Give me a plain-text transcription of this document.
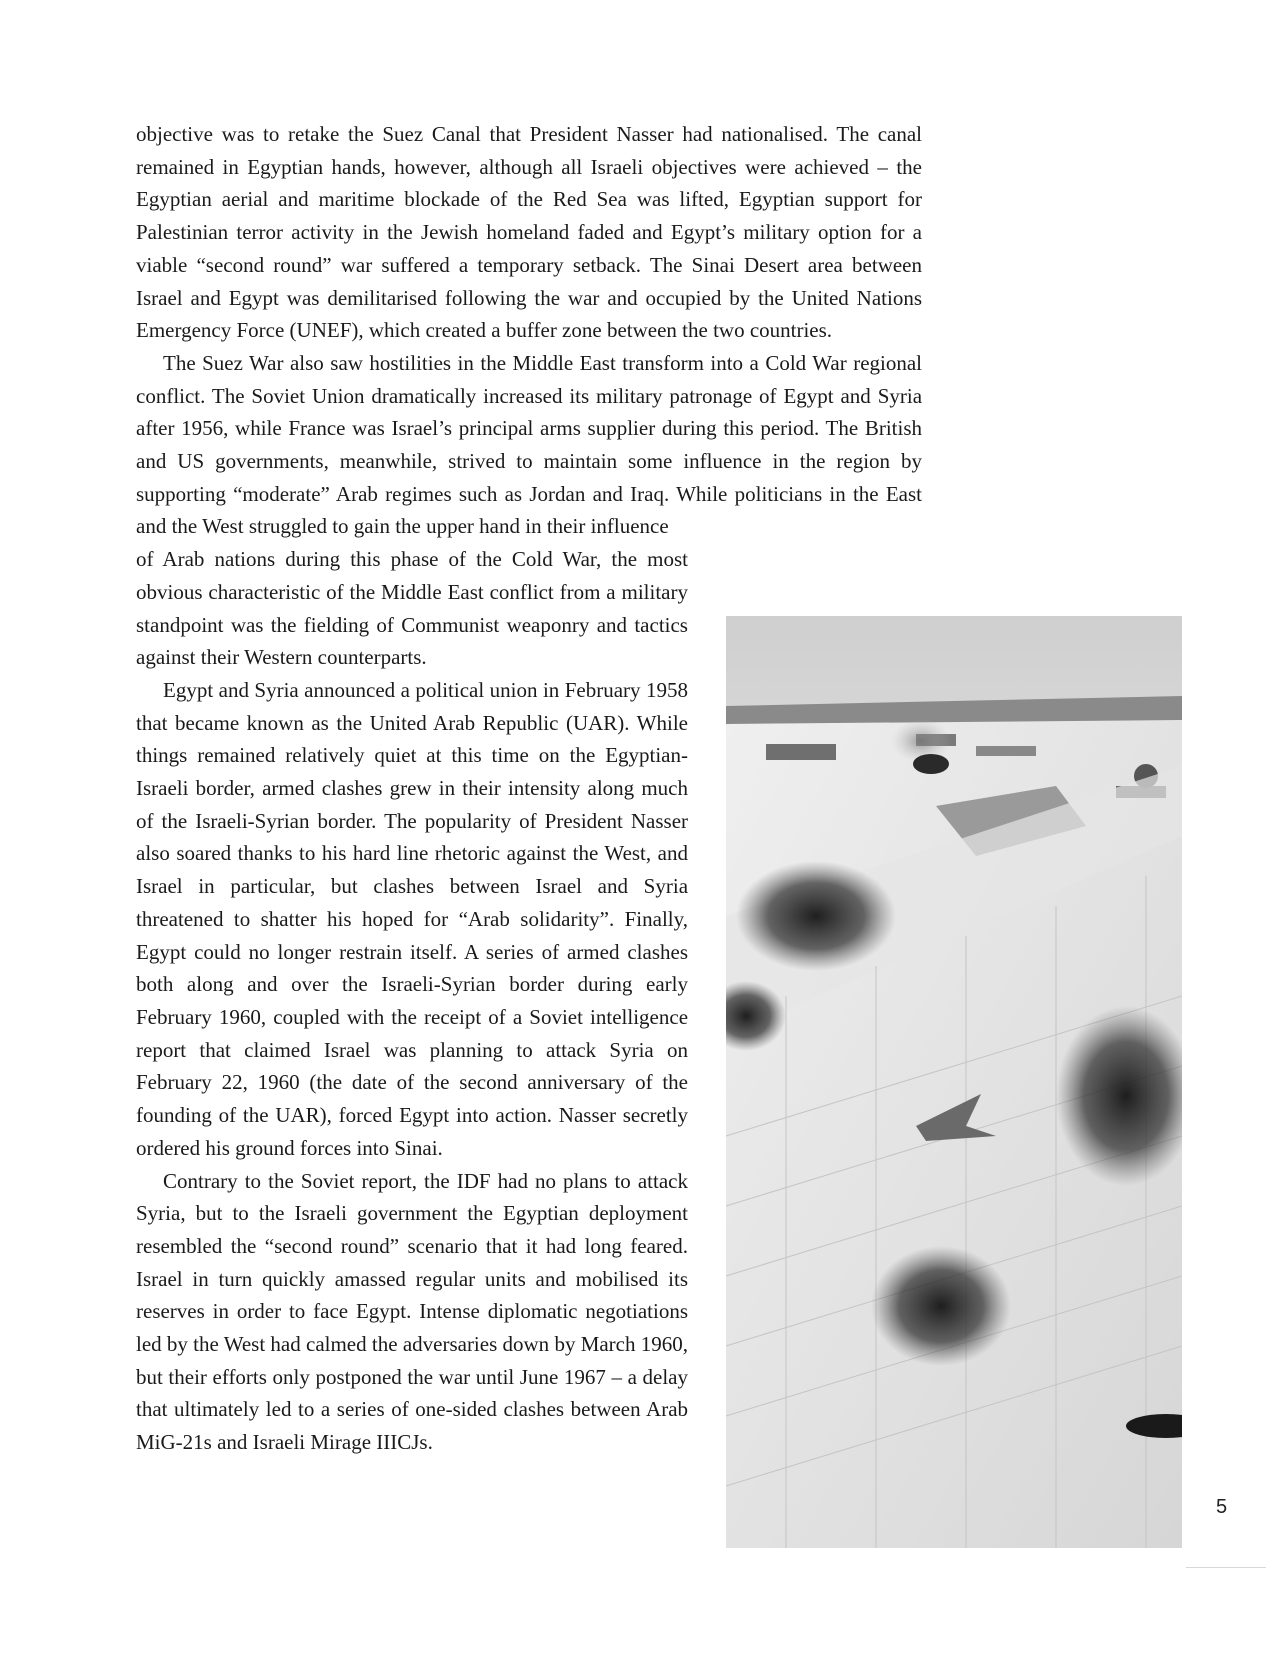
objective was to retake the Suez Canal that President Nasser had nationalised. The canal remained in Egyptian hands, however, although all Israeli objectives were achieved – the Egyptian aerial and maritime blockade of the Red Sea was lifted, Egyptian support for Palestinian terror activity in the Jewish homeland faded and Egypt’s military option for a viable “second round” war suffered a temporary setback. The Sinai Desert area between Israel and Egypt was demilitarised following the war and occupied by the United Nations Emergency Force (UNEF), which created a buffer zone between the two countries.

The Suez War also saw hostilities in the Middle East transform into a Cold War regional conflict. The Soviet Union dramatically increased its military patronage of Egypt and Syria after 1956, while France was Israel’s principal arms supplier during this period. The British and US governments, meanwhile, strived to maintain some influence in the region by supporting “moderate” Arab regimes such as Jordan and Iraq. While politicians in the East and the West struggled to gain the upper hand in their influence

of Arab nations during this phase of the Cold War, the most obvious characteristic of the Middle East conflict from a military standpoint was the fielding of Communist weaponry and tactics against their Western counterparts.

Egypt and Syria announced a political union in February 1958 that became known as the United Arab Republic (UAR). While things remained relatively quiet at this time on the Egyptian-Israeli border, armed clashes grew in their intensity along much of the Israeli-Syrian border. The popularity of President Nasser also soared thanks to his hard line rhetoric against the West, and Israel in particular, but clashes between Israel and Syria threatened to shatter his hoped for “Arab solidarity”. Finally, Egypt could no longer restrain itself. A series of armed clashes both along and over the Israeli-Syrian border during early February 1960, coupled with the receipt of a Soviet intelligence report that claimed Israel was planning to attack Syria on February 22, 1960 (the date of the second anniversary of the founding of the UAR), forced Egypt into action. Nasser secretly ordered his ground forces into Sinai.

Contrary to the Soviet report, the IDF had no plans to attack Syria, but to the Israeli government the Egyptian deployment resembled the “second round” scenario that it had long feared. Israel in turn quickly amassed regular units and mobilised its reserves in order to face Egypt. Intense diplomatic negotiations led by the West had calmed the adversaries down by March 1960, but their efforts only postponed the war until June 1967 – a delay that ultimately led to a series of one-sided clashes between Arab MiG-21s and Israeli Mirage IIICJs.

5
